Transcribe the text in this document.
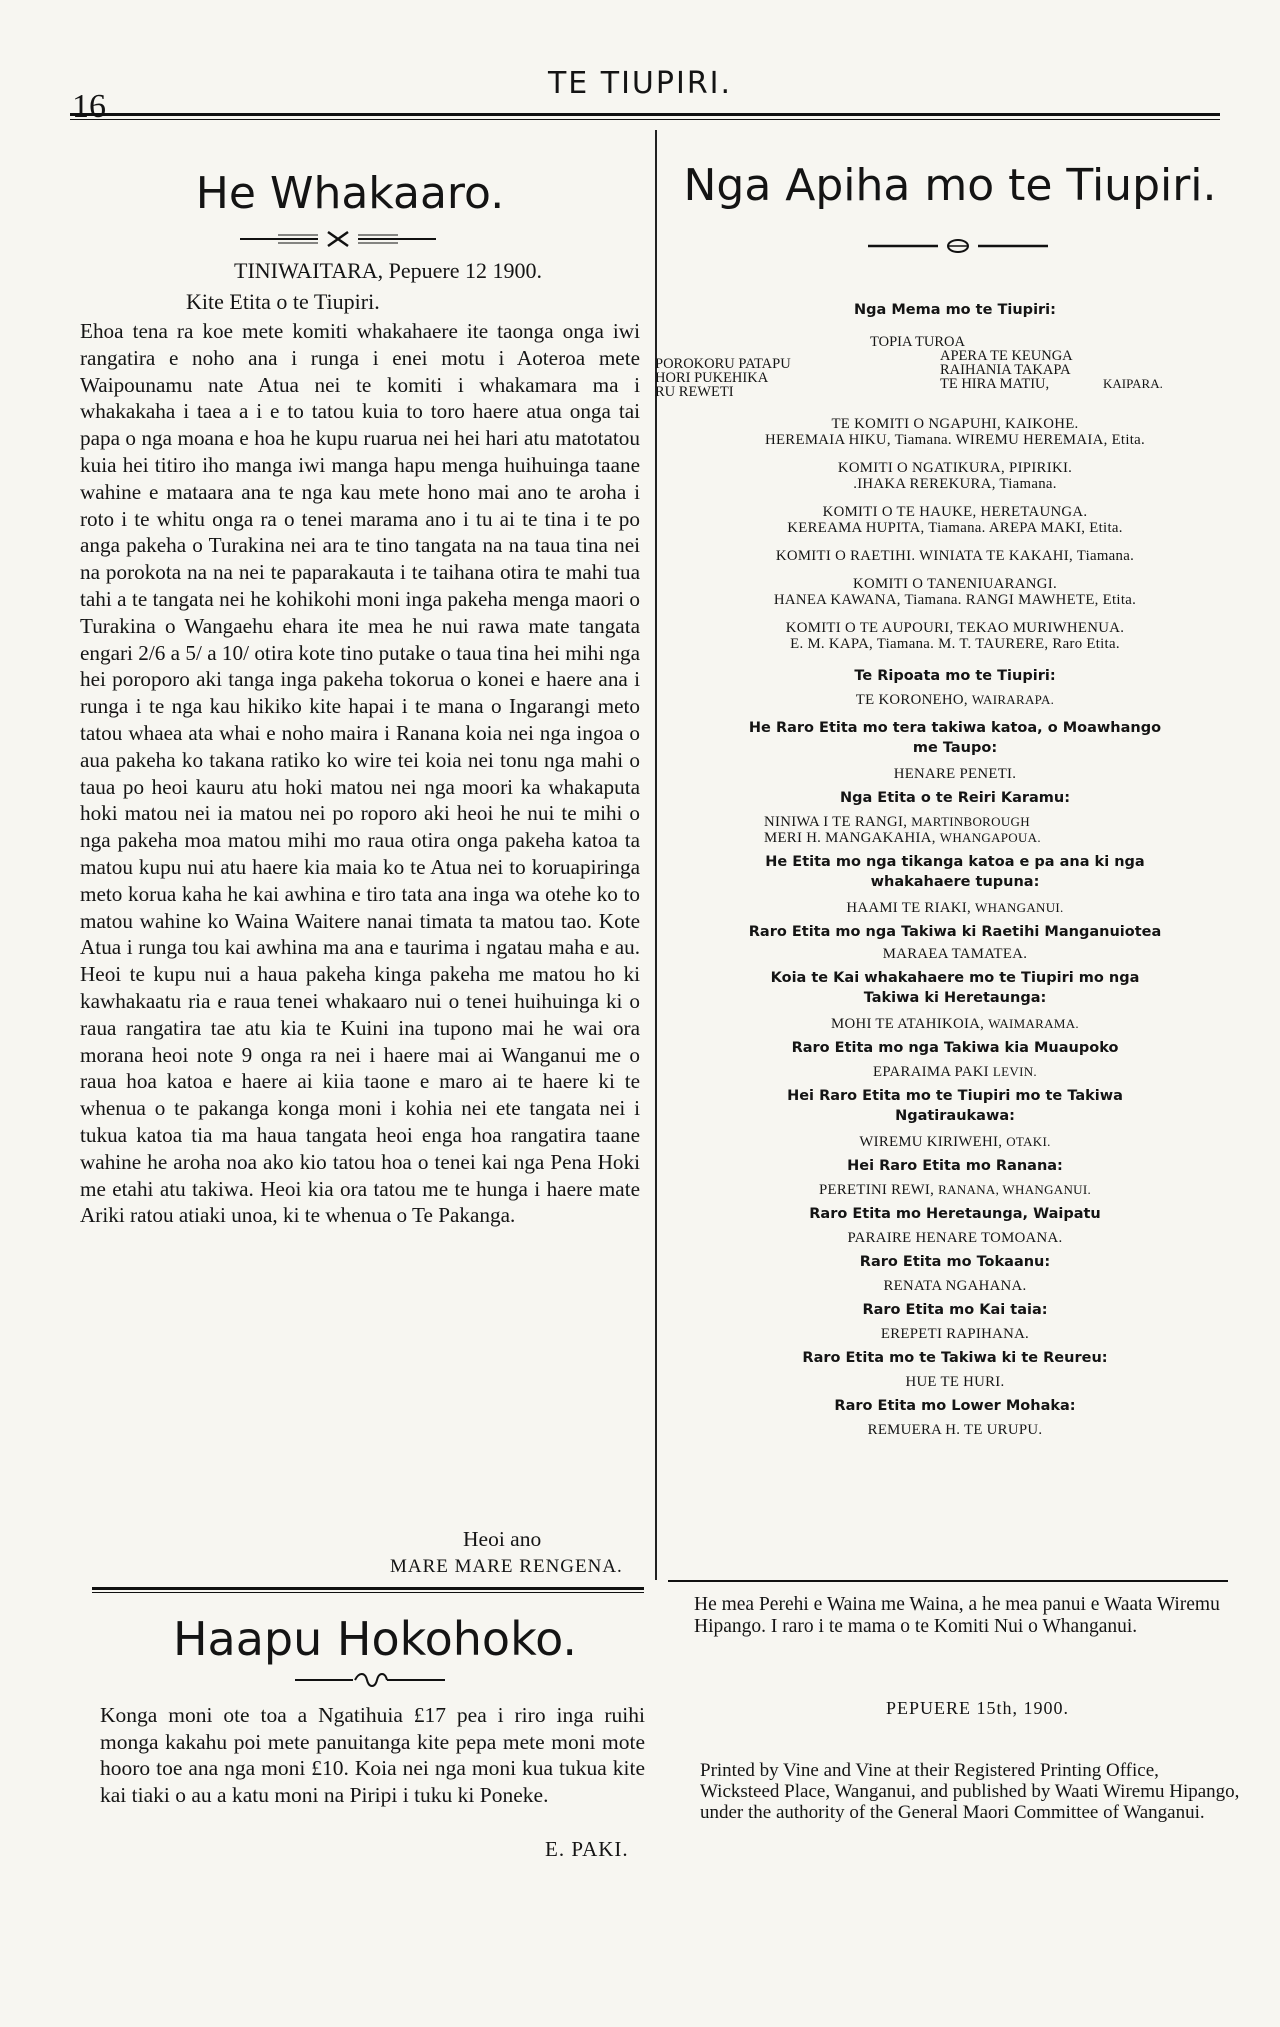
16
TE TIUPIRI.
He Whakaaro.
TINIWAITARA, Pepuere 12 1900.
Kite Etita o te Tiupiri.
Ehoa tena ra koe mete komiti whakahaere ite taonga onga iwi rangatira e noho ana i runga i enei motu i Aoteroa mete Waipounamu nate Atua nei te komiti i whakamara ma i whakakaha i taea a i e to tatou kuia to toro haere atua onga tai papa o nga moana e hoa he kupu ruarua nei hei hari atu matotatou kuia hei titiro iho manga iwi manga hapu menga huihuinga taane wahine e mataara ana te nga kau mete hono mai ano te aroha i roto i te whitu onga ra o tenei marama ano i tu ai te tina i te po anga pakeha o Turakina nei ara te tino tangata na na taua tina nei na porokota na na nei te paparakauta i te taihana otira te mahi tua tahi a te tangata nei he kohikohi moni inga pakeha menga maori o Turakina o Wangaehu ehara ite mea he nui rawa mate tangata engari 2/6 a 5/ a 10/ otira kote tino putake o taua tina hei mihi nga hei poroporo aki tanga inga pakeha tokorua o konei e haere ana i runga i te nga kau hikiko kite hapai i te mana o Ingarangi meto tatou whaea ata whai e noho maira i Ranana koia nei nga ingoa o aua pakeha ko takana ratiko ko wire tei koia nei tonu nga mahi o taua po heoi kauru atu hoki matou nei nga moori ka whakaputa hoki matou nei ia matou nei po roporo aki heoi he nui te mihi o nga pakeha moa matou mihi mo raua otira onga pakeha katoa ta matou kupu nui atu haere kia maia ko te Atua nei to koruapiringa meto korua kaha he kai awhina e tiro tata ana inga wa otehe ko to matou wahine ko Waina Waitere nanai timata ta matou tao. Kote Atua i runga tou kai awhina ma ana e taurima i ngatau maha e au. Heoi te kupu nui a haua pakeha kinga pakeha me matou ho ki kawhakaatu ria e raua tenei whakaaro nui o tenei huihuinga ki o raua rangatira tae atu kia te Kuini ina tupono mai he wai ora morana heoi note 9 onga ra nei i haere mai ai Wanganui me o raua hoa katoa e haere ai kiia taone e maro ai te haere ki te whenua o te pakanga konga moni i kohia nei ete tangata nei i tukua katoa tia ma haua tangata heoi enga hoa rangatira taane wahine he aroha noa ako kio tatou hoa o tenei kai nga Pena Hoki me etahi atu takiwa. Heoi kia ora tatou me te hunga i haere mate Ariki ratou atiaki unoa, ki te whenua o Te Pakanga.
Heoi ano
MARE MARE RENGENA.
Haapu Hokohoko.
Konga moni ote toa a Ngatihuia £17 pea i riro inga ruihi monga kakahu poi mete panuitanga kite pepa mete moni mote hooro toe ana nga moni £10. Koia nei nga moni kua tukua kite kai tiaki o au a katu moni na Piripi i tuku ki Poneke.
E. PAKI.
Nga Apiha mo te Tiupiri.
Nga Mema mo te Tiupiri:
TOPIA TUROA
POROKORU PATAPU
HORI PUKEHIKA
RU REWETI
APERA TE KEUNGA
RAIHANIA TAKAPA
TE HIRA MATIU,	KAIPARA.
TE KOMITI O NGAPUHI, KAIKOHE.
HEREMAIA HIKU, Tiamana. WIREMU HEREMAIA, Etita.
KOMITI O NGATIKURA, PIPIRIKI.
.IHAKA REREKURA, Tiamana.
KOMITI O TE HAUKE, HERETAUNGA.
KEREAMA HUPITA, Tiamana. AREPA MAKI, Etita.
KOMITI O RAETIHI. WINIATA TE KAKAHI, Tiamana.
KOMITI O TANENIUARANGI.
HANEA KAWANA, Tiamana. RANGI MAWHETE, Etita.
KOMITI O TE AUPOURI, TEKAO MURIWHENUA.
E. M. KAPA, Tiamana. M. T. TAURERE, Raro Etita.
Te Ripoata mo te Tiupiri:
TE KORONEHO, WAIRARAPA.
He Raro Etita mo tera takiwa katoa, o Moawhango
me Taupo:
HENARE PENETI.
Nga Etita o te Reiri Karamu:
NINIWA I TE RANGI, MARTINBOROUGH
MERI H. MANGAKAHIA, WHANGAPOUA.
He Etita mo nga tikanga katoa e pa ana ki nga
whakahaere tupuna:
HAAMI TE RIAKI, WHANGANUI.
Raro Etita mo nga Takiwa ki Raetihi Manganuiotea
MARAEA TAMATEA.
Koia te Kai whakahaere mo te Tiupiri mo nga
Takiwa ki Heretaunga:
MOHI TE ATAHIKOIA, WAIMARAMA.
Raro Etita mo nga Takiwa kia Muaupoko
EPARAIMA PAKI LEVIN.
Hei Raro Etita mo te Tiupiri mo te Takiwa
Ngatiraukawa:
WIREMU KIRIWEHI, OTAKI.
Hei Raro Etita mo Ranana:
PERETINI REWI, RANANA, WHANGANUI.
Raro Etita mo Heretaunga, Waipatu
PARAIRE HENARE TOMOANA.
Raro Etita mo Tokaanu:
RENATA NGAHANA.
Raro Etita mo Kai taia:
EREPETI RAPIHANA.
Raro Etita mo te Takiwa ki te Reureu:
HUE TE HURI.
Raro Etita mo Lower Mohaka:
REMUERA H. TE URUPU.
He mea Perehi e Waina me Waina, a he mea panui e Waata Wiremu Hipango. I raro i te mama o te Komiti Nui o Whanganui.
PEPUERE 15th, 1900.
Printed by Vine and Vine at their Registered Printing Office, Wicksteed Place, Wanganui, and published by Waati Wiremu Hipango, under the authority of the General Maori Committee of Wanganui.
